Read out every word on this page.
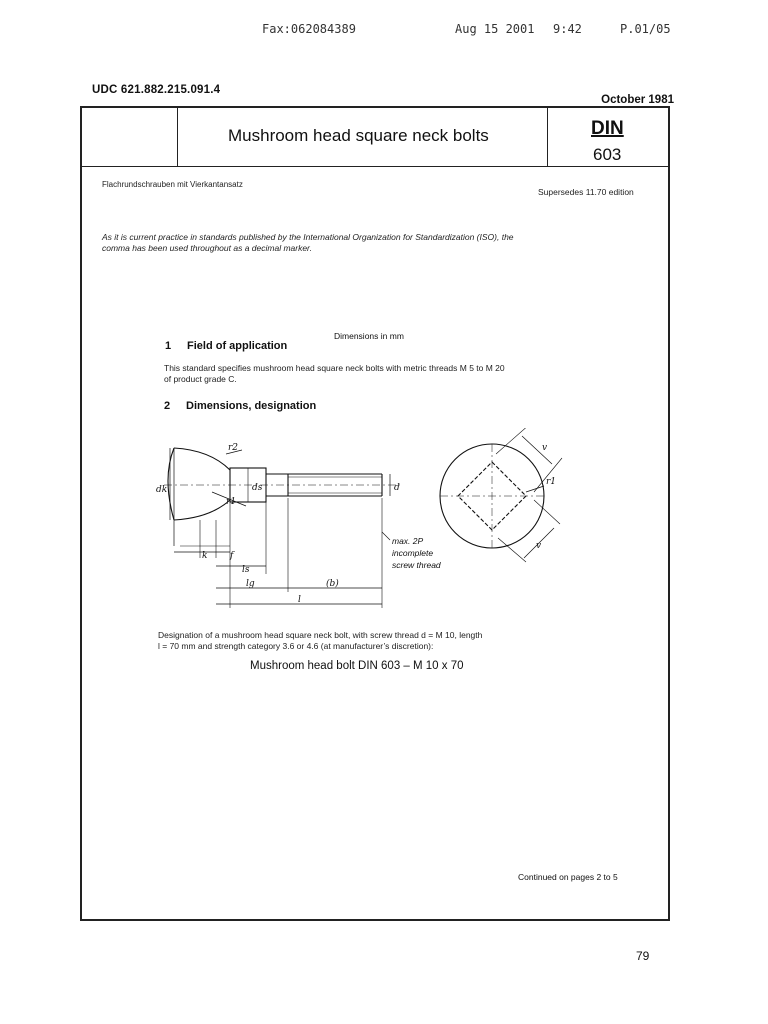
Fax:062084389	Aug 15 2001 9:42	P.01/05
UDC 621.882.215.091.4
October 1981
Mushroom head square neck bolts	DIN
603
Flachrundschrauben mit Vierkantansatz
Supersedes 11.70 edition
As it is current practice in standards published by the International Organization for Standardization (ISO), the
comma has been used throughout as a decimal marker.
Dimensions in mm
1 Field of application
This standard specifies mushroom head square neck bolts with metric threads M 5 to M 20
of product grade C.
2 Dimensions, designation
r2
r1
dk	ds	d
k	f
ls
lg	(b)
l
r1
v
v
max. 2P
incomplete
screw thread
Designation of a mushroom head square neck bolt, with screw thread d = M 10, length
l = 70 mm and strength category 3.6 or 4.6 (at manufacturer’s discretion):
Mushroom head bolt DIN 603 – M 10 x 70
Continued on pages 2 to 5
79
